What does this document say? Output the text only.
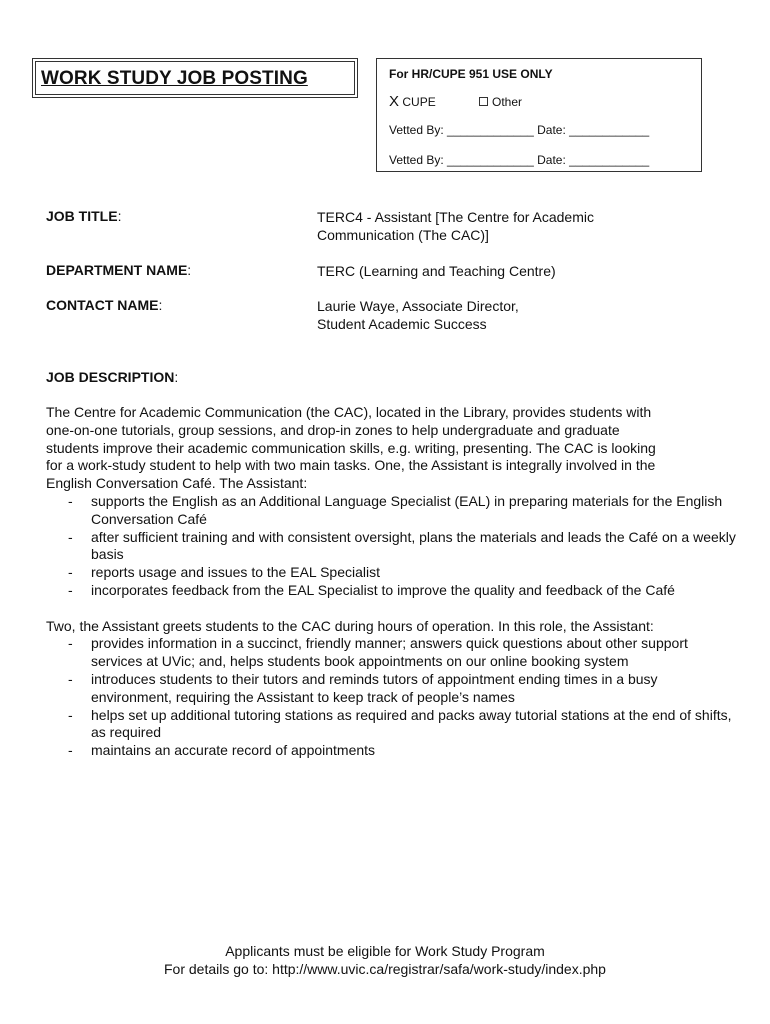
WORK STUDY JOB POSTING	For HR/CUPE 951 USE ONLY
X CUPE	Other
Vetted By: _____________ Date: ____________
Vetted By: _____________ Date: ____________
JOB TITLE:	TERC4 - Assistant [The Centre for Academic
Communication (The CAC)]
DEPARTMENT NAME:	TERC (Learning and Teaching Centre)
CONTACT NAME:	Laurie Waye, Associate Director,
Student Academic Success
JOB DESCRIPTION:

The Centre for Academic Communication (the CAC), located in the Library, provides students with

one-on-one tutorials, group sessions, and drop-in zones to help undergraduate and graduate

students improve their academic communication skills, e.g. writing, presenting. The CAC is looking

for a work-study student to help with two main tasks. One, the Assistant is integrally involved in the

English Conversation Café. The Assistant:

- supports the English as an Additional Language Specialist (EAL) in preparing materials for the English Conversation Café
- after sufficient training and with consistent oversight, plans the materials and leads the Café on a weekly basis
- reports usage and issues to the EAL Specialist
- incorporates feedback from the EAL Specialist to improve the quality and feedback of the Café

Two, the Assistant greets students to the CAC during hours of operation. In this role, the Assistant:

- provides information in a succinct, friendly manner; answers quick questions about other support services at UVic; and, helps students book appointments on our online booking system
- introduces students to their tutors and reminds tutors of appointment ending times in a busy environment, requiring the Assistant to keep track of people’s names
- helps set up additional tutoring stations as required and packs away tutorial stations at the end of shifts, as required
- maintains an accurate record of appointments
Applicants must be eligible for Work Study Program
For details go to: http://www.uvic.ca/registrar/safa/work-study/index.php
